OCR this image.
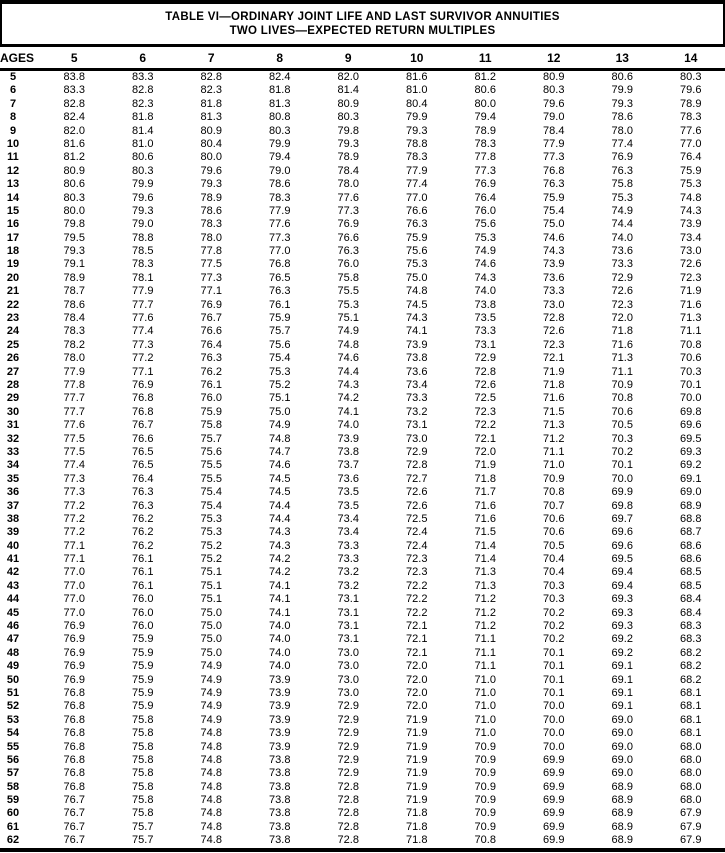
TABLE VI—ORDINARY JOINT LIFE AND LAST SURVIVOR ANNUITIES
TWO LIVES—EXPECTED RETURN MULTIPLES
AGES	5	6	7	8	9	10	11	12	13	14
5	83.8	83.3	82.8	82.4	82.0	81.6	81.2	80.9	80.6	80.3
6	83.3	82.8	82.3	81.8	81.4	81.0	80.6	80.3	79.9	79.6
7	82.8	82.3	81.8	81.3	80.9	80.4	80.0	79.6	79.3	78.9
8	82.4	81.8	81.3	80.8	80.3	79.9	79.4	79.0	78.6	78.3
9	82.0	81.4	80.9	80.3	79.8	79.3	78.9	78.4	78.0	77.6
10	81.6	81.0	80.4	79.9	79.3	78.8	78.3	77.9	77.4	77.0
11	81.2	80.6	80.0	79.4	78.9	78.3	77.8	77.3	76.9	76.4
12	80.9	80.3	79.6	79.0	78.4	77.9	77.3	76.8	76.3	75.9
13	80.6	79.9	79.3	78.6	78.0	77.4	76.9	76.3	75.8	75.3
14	80.3	79.6	78.9	78.3	77.6	77.0	76.4	75.9	75.3	74.8
15	80.0	79.3	78.6	77.9	77.3	76.6	76.0	75.4	74.9	74.3
16	79.8	79.0	78.3	77.6	76.9	76.3	75.6	75.0	74.4	73.9
17	79.5	78.8	78.0	77.3	76.6	75.9	75.3	74.6	74.0	73.4
18	79.3	78.5	77.8	77.0	76.3	75.6	74.9	74.3	73.6	73.0
19	79.1	78.3	77.5	76.8	76.0	75.3	74.6	73.9	73.3	72.6
20	78.9	78.1	77.3	76.5	75.8	75.0	74.3	73.6	72.9	72.3
21	78.7	77.9	77.1	76.3	75.5	74.8	74.0	73.3	72.6	71.9
22	78.6	77.7	76.9	76.1	75.3	74.5	73.8	73.0	72.3	71.6
23	78.4	77.6	76.7	75.9	75.1	74.3	73.5	72.8	72.0	71.3
24	78.3	77.4	76.6	75.7	74.9	74.1	73.3	72.6	71.8	71.1
25	78.2	77.3	76.4	75.6	74.8	73.9	73.1	72.3	71.6	70.8
26	78.0	77.2	76.3	75.4	74.6	73.8	72.9	72.1	71.3	70.6
27	77.9	77.1	76.2	75.3	74.4	73.6	72.8	71.9	71.1	70.3
28	77.8	76.9	76.1	75.2	74.3	73.4	72.6	71.8	70.9	70.1
29	77.7	76.8	76.0	75.1	74.2	73.3	72.5	71.6	70.8	70.0
30	77.7	76.8	75.9	75.0	74.1	73.2	72.3	71.5	70.6	69.8
31	77.6	76.7	75.8	74.9	74.0	73.1	72.2	71.3	70.5	69.6
32	77.5	76.6	75.7	74.8	73.9	73.0	72.1	71.2	70.3	69.5
33	77.5	76.5	75.6	74.7	73.8	72.9	72.0	71.1	70.2	69.3
34	77.4	76.5	75.5	74.6	73.7	72.8	71.9	71.0	70.1	69.2
35	77.3	76.4	75.5	74.5	73.6	72.7	71.8	70.9	70.0	69.1
36	77.3	76.3	75.4	74.5	73.5	72.6	71.7	70.8	69.9	69.0
37	77.2	76.3	75.4	74.4	73.5	72.6	71.6	70.7	69.8	68.9
38	77.2	76.2	75.3	74.4	73.4	72.5	71.6	70.6	69.7	68.8
39	77.2	76.2	75.3	74.3	73.4	72.4	71.5	70.6	69.6	68.7
40	77.1	76.2	75.2	74.3	73.3	72.4	71.4	70.5	69.6	68.6
41	77.1	76.1	75.2	74.2	73.3	72.3	71.4	70.4	69.5	68.6
42	77.0	76.1	75.1	74.2	73.2	72.3	71.3	70.4	69.4	68.5
43	77.0	76.1	75.1	74.1	73.2	72.2	71.3	70.3	69.4	68.5
44	77.0	76.0	75.1	74.1	73.1	72.2	71.2	70.3	69.3	68.4
45	77.0	76.0	75.0	74.1	73.1	72.2	71.2	70.2	69.3	68.4
46	76.9	76.0	75.0	74.0	73.1	72.1	71.2	70.2	69.3	68.3
47	76.9	75.9	75.0	74.0	73.1	72.1	71.1	70.2	69.2	68.3
48	76.9	75.9	75.0	74.0	73.0	72.1	71.1	70.1	69.2	68.2
49	76.9	75.9	74.9	74.0	73.0	72.0	71.1	70.1	69.1	68.2
50	76.9	75.9	74.9	73.9	73.0	72.0	71.0	70.1	69.1	68.2
51	76.8	75.9	74.9	73.9	73.0	72.0	71.0	70.1	69.1	68.1
52	76.8	75.9	74.9	73.9	72.9	72.0	71.0	70.0	69.1	68.1
53	76.8	75.8	74.9	73.9	72.9	71.9	71.0	70.0	69.0	68.1
54	76.8	75.8	74.8	73.9	72.9	71.9	71.0	70.0	69.0	68.1
55	76.8	75.8	74.8	73.9	72.9	71.9	70.9	70.0	69.0	68.0
56	76.8	75.8	74.8	73.8	72.9	71.9	70.9	69.9	69.0	68.0
57	76.8	75.8	74.8	73.8	72.9	71.9	70.9	69.9	69.0	68.0
58	76.8	75.8	74.8	73.8	72.8	71.9	70.9	69.9	68.9	68.0
59	76.7	75.8	74.8	73.8	72.8	71.9	70.9	69.9	68.9	68.0
60	76.7	75.8	74.8	73.8	72.8	71.8	70.9	69.9	68.9	67.9
61	76.7	75.7	74.8	73.8	72.8	71.8	70.9	69.9	68.9	67.9
62	76.7	75.7	74.8	73.8	72.8	71.8	70.8	69.9	68.9	67.9
